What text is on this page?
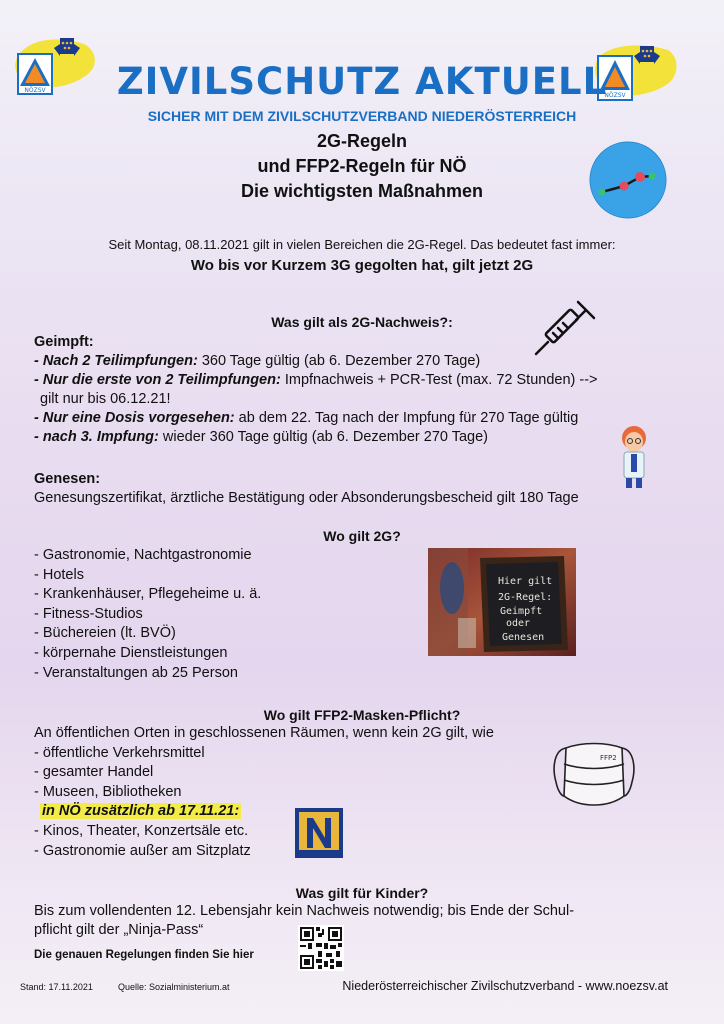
NÖZSV
NÖZSV
ZIVILSCHUTZ AKTUELL
SICHER MIT DEM ZIVILSCHUTZVERBAND NIEDERÖSTERREICH
2G-Regeln
und FFP2-Regeln für NÖ
Die wichtigsten Maßnahmen
Seit Montag, 08.11.2021 gilt in vielen Bereichen die 2G-Regel. Das bedeutet fast immer:
Wo bis vor Kurzem 3G gegolten hat, gilt jetzt 2G
Was gilt als 2G-Nachweis?:
Geimpft:
- Nach 2 Teilimpfungen: 360 Tage gültig (ab 6. Dezember 270 Tage)
- Nur die erste von 2 Teilimpfungen: Impfnachweis + PCR-Test (max. 72 Stunden) -->
gilt nur bis 06.12.21!
- Nur eine Dosis vorgesehen: ab dem 22. Tag nach der Impfung für 270 Tage gültig
- nach 3. Impfung: wieder 360 Tage gültig (ab 6. Dezember 270 Tage)
Genesen:
Genesungszertifikat, ärztliche Bestätigung oder Absonderungsbescheid gilt 180 Tage
Wo gilt 2G?
- Gastronomie, Nachtgastronomie
- Hotels
- Krankenhäuser, Pflegeheime u. ä.
- Fitness-Studios
- Büchereien (lt. BVÖ)
- körpernahe Dienstleistungen
- Veranstaltungen ab 25 Person
Hier gilt
2G-Regel:
Geimpft
oder
Genesen
Wo gilt FFP2-Masken-Pflicht?
An öffentlichen Orten in geschlossenen Räumen, wenn kein 2G gilt, wie
- öffentliche Verkehrsmittel
- gesamter Handel
- Museen, Bibliotheken
in NÖ zusätzlich ab 17.11.21:
- Kinos, Theater, Konzertsäle etc.
- Gastronomie außer am Sitzplatz
FFP2
Was gilt für Kinder?
Bis zum vollendenten 12. Lebensjahr kein Nachweis notwendig; bis Ende der Schul-
pflicht gilt der „Ninja-Pass“
Die genauen Regelungen finden Sie hier
Stand: 17.11.2021	Quelle: Sozialministerium.at	Niederösterreichischer Zivilschutzverband - www.noezsv.at
